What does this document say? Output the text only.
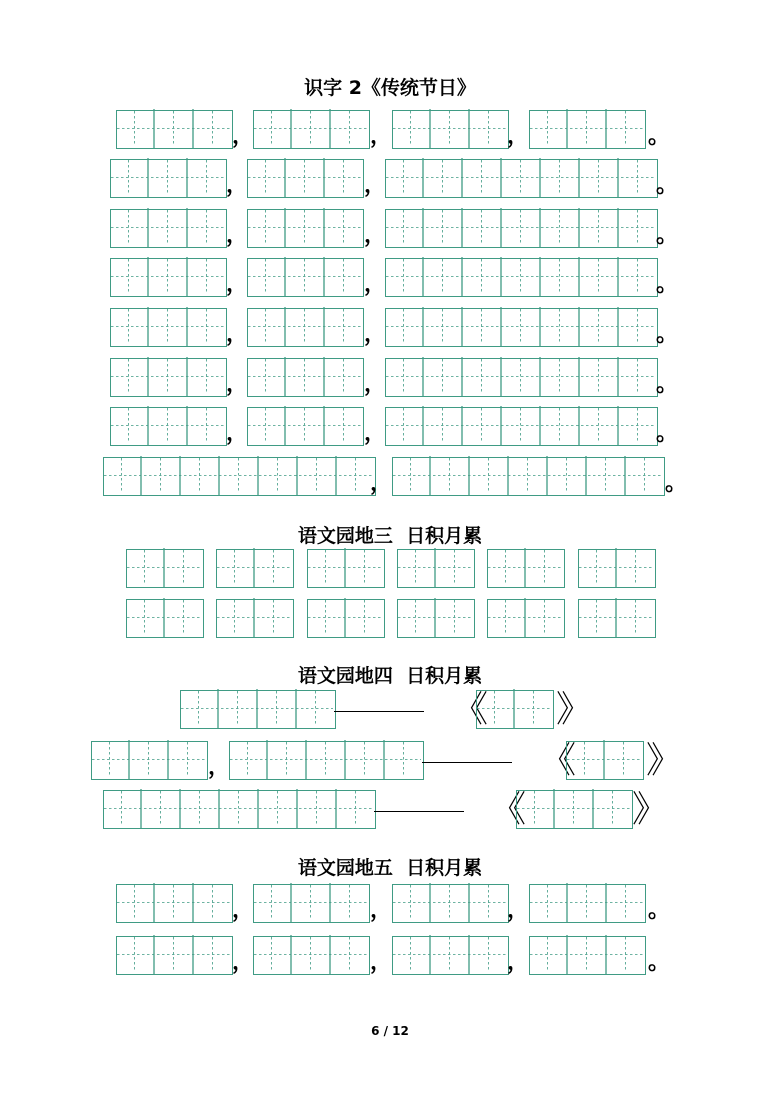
识字 2《传统节日》
语文园地三  日积月累
语文园地四  日积月累
语文园地五  日积月累
，	，	，	。
，	，	。
，	，	。
，	，	。
，	，	。
，	，	。
，	，	。
，	。
《 》
，	《 》
《	》
，	，	，	。
，	，	，	。
6 / 12
